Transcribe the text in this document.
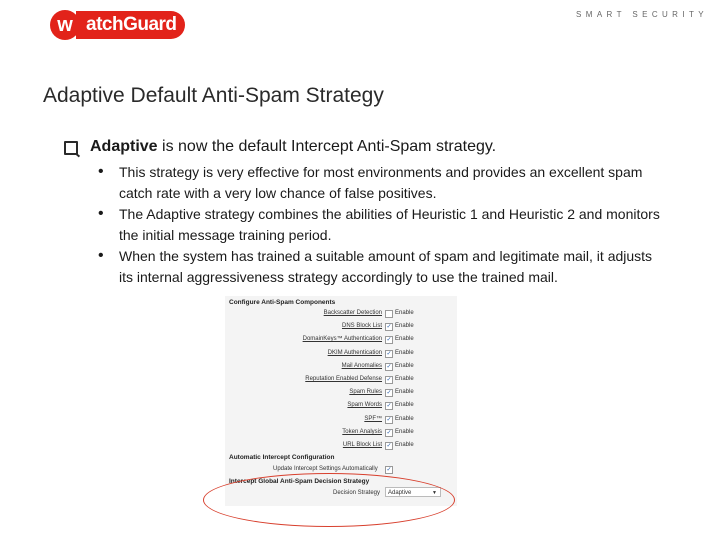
w atchGuard	SMART SECURITY
Adaptive Default Anti-Spam Strategy
Adaptive is now the default Intercept Anti-Spam strategy.
•	This strategy is very effective for most environments and provides an excellent spam catch rate with a very low chance of false positives.
•	The Adaptive strategy combines the abilities of Heuristic 1 and Heuristic 2 and monitors the initial message training period.
•	When the system has trained a suitable amount of spam and legitimate mail, it adjusts its internal aggressiveness strategy accordingly to use the trained mail.
Configure Anti-Spam Components
Backscatter Detection Enable
DNS Block List ✓ Enable
DomainKeys™ Authentication ✓ Enable
DKIM Authentication ✓ Enable
Mail Anomalies ✓ Enable
Reputation Enabled Defense ✓ Enable
Spam Rules ✓ Enable
Spam Words ✓ Enable
SPF™ ✓ Enable
Token Analysis ✓ Enable
URL Block List ✓ Enable
Automatic Intercept Configuration
Update Intercept Settings Automatically ✓
Intercept Global Anti-Spam Decision Strategy
Decision Strategy	Adaptive	▼
